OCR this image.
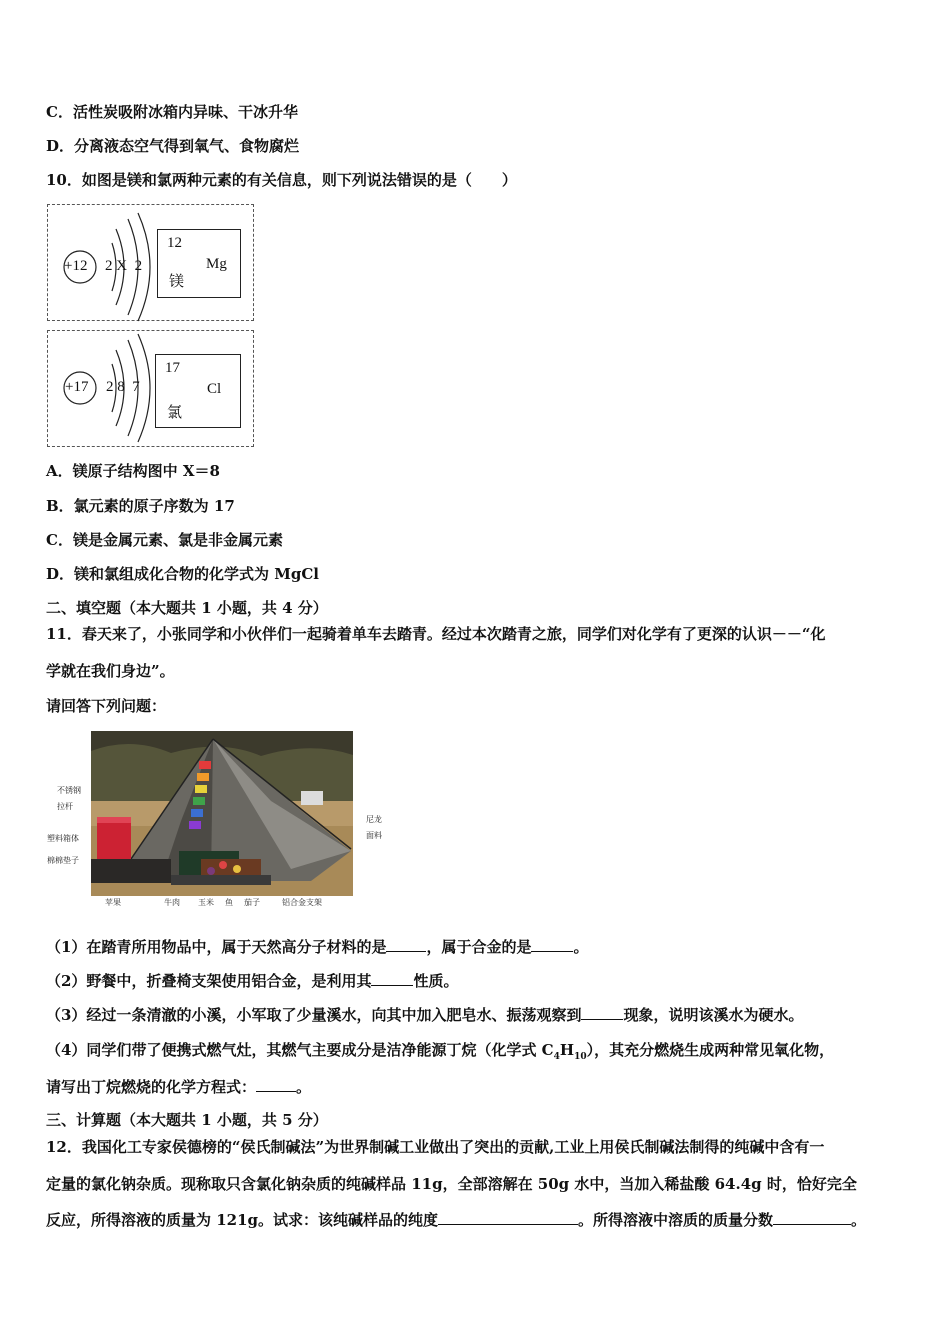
C．活性炭吸附冰箱内异味、干冰升华
D．分离液态空气得到氧气、食物腐烂
10．如图是镁和氯两种元素的有关信息，则下列说法错误的是（　　）
+12 2 X  2
12
Mg
镁
+17 2 8  7
17
Cl
氯
A．镁原子结构图中 X＝8
B．氯元素的原子序数为 17
C．镁是金属元素、氯是非金属元素
D．镁和氯组成化合物的化学式为 MgCl
二、填空题（本大题共 1 小题，共 4 分）
11．春天来了，小张同学和小伙伴们一起骑着单车去踏青。经过本次踏青之旅，同学们对化学有了更深的认识－－“化
学就在我们身边”。
请回答下列问题：
不锈钢
拉杆
塑料箱体
棉棉垫子
尼龙
面料
苹果	牛肉 玉米 鱼 茄子	铝合金支架
（1）在踏青所用物品中，属于天然高分子材料的是	，属于合金的是	。
（2）野餐中，折叠椅支架使用铝合金，是利用其	性质。
（3）经过一条清澈的小溪，小军取了少量溪水，向其中加入肥皂水、振荡观察到	现象，说明该溪水为硬水。
（4）同学们带了便携式燃气灶，其燃气主要成分是洁净能源丁烷（化学式 $C_4H_{10}$），其充分燃烧生成两种常见氧化物，
请写出丁烷燃烧的化学方程式：	。
三、计算题（本大题共 1 小题，共 5 分）
12．我国化工专家侯德榜的“侯氏制碱法”为世界制碱工业做出了突出的贡献,工业上用侯氏制碱法制得的纯碱中含有一
定量的氯化钠杂质。现称取只含氯化钠杂质的纯碱样品 11g，全部溶解在 50g 水中，当加入稀盐酸 64.4g 时，恰好完全
反应，所得溶液的质量为 121g。试求：该纯碱样品的纯度	。所得溶液中溶质的质量分数	。
